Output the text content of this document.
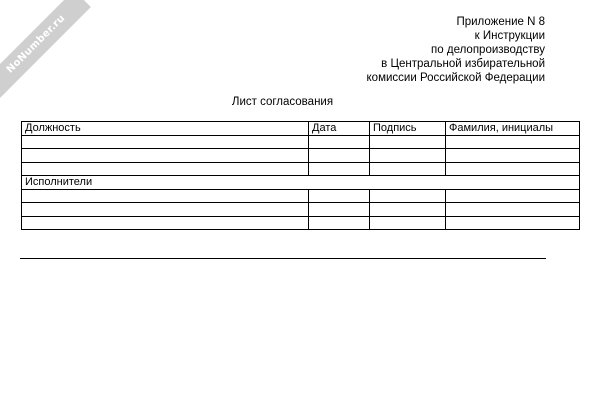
NoNumber.ru	Приложение N 8
к Инструкции
по делопроизводству
в Центральной избирательной
комиссии Российской Федерации
Лист согласования
Должность	Дата	Подпись	Фамилия, инициалы

Исполнители			
